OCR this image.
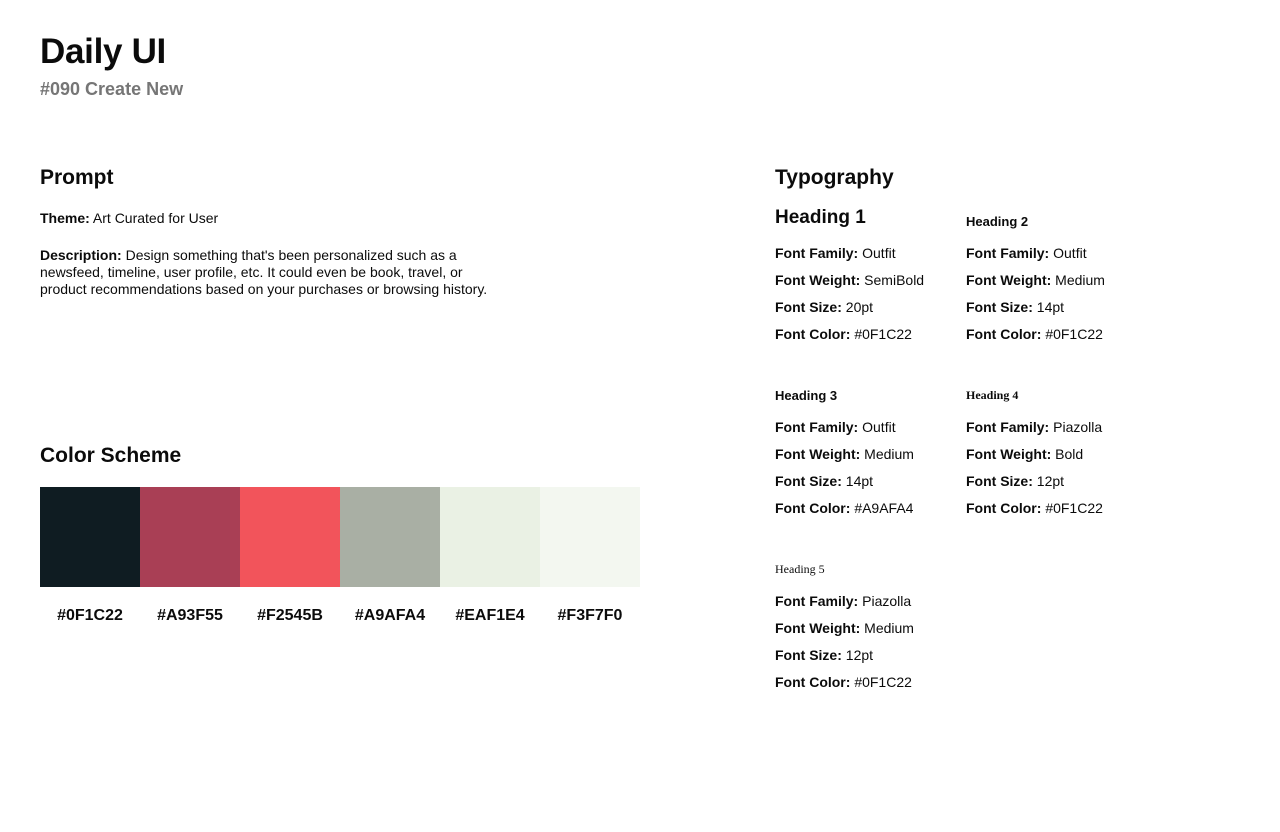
Daily UI
#090 Create New
Prompt

Theme: Art Curated for User

Description: Design something that's been personalized such as a newsfeed, timeline, user profile, etc. It could even be book, travel, or product recommendations based on your purchases or browsing history.

Color Scheme
#0F1C22 #A93F55 #F2545B #A9AFA4 #EAF1E4 #F3F7F0
Typography
Heading 1
Font Family: Outfit
Font Weight: SemiBold
Font Size: 20pt
Font Color: #0F1C22
Heading 2
Font Family: Outfit
Font Weight: Medium
Font Size: 14pt
Font Color: #0F1C22
Heading 3
Font Family: Outfit
Font Weight: Medium
Font Size: 14pt
Font Color: #A9AFA4
Heading 4
Font Family: Piazolla
Font Weight: Bold
Font Size: 12pt
Font Color: #0F1C22
Heading 5
Font Family: Piazolla
Font Weight: Medium
Font Size: 12pt
Font Color: #0F1C22
